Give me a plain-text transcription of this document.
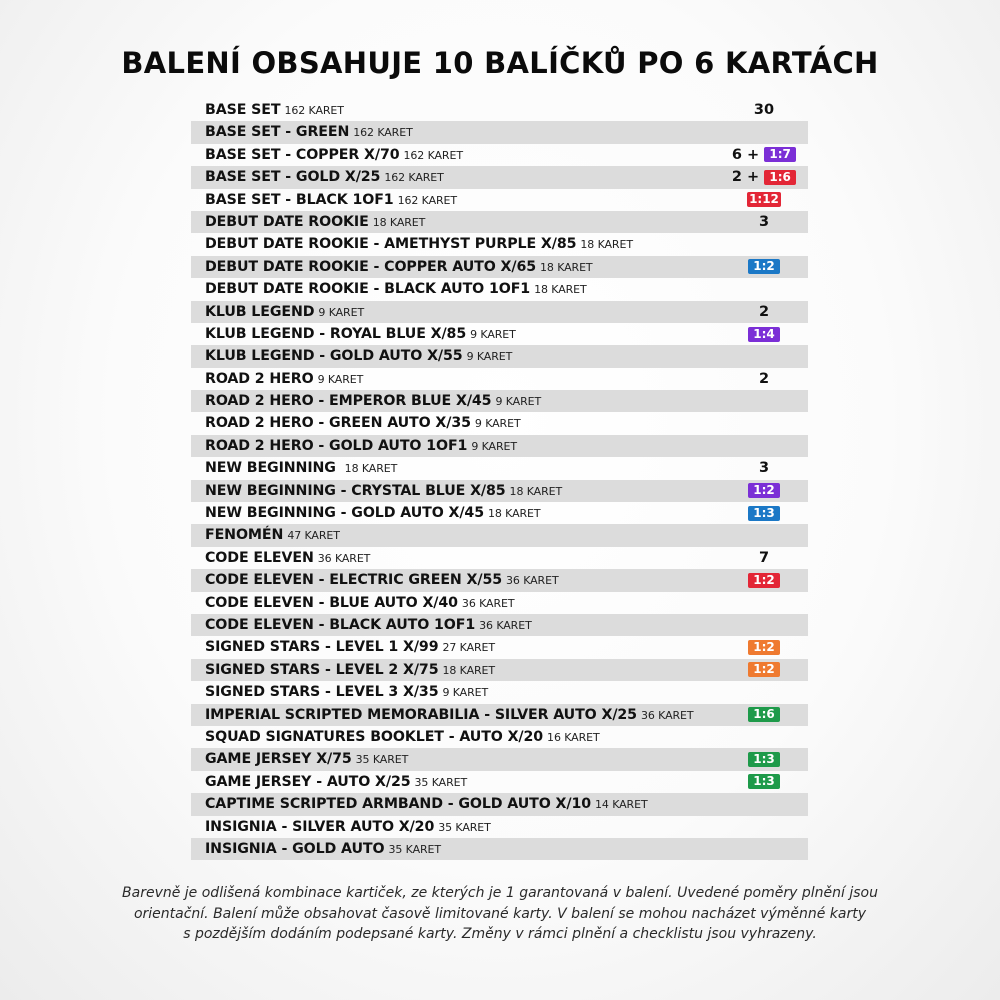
BALENÍ OBSAHUJE 10 BALÍČKŮ PO 6 KARTÁCH
BASE SET 162 KARET	30
BASE SET - GREEN 162 KARET
BASE SET - COPPER X/70 162 KARET	6 + 1:7
BASE SET - GOLD X/25 162 KARET	2 + 1:6
BASE SET - BLACK 1OF1 162 KARET	1:12
DEBUT DATE ROOKIE 18 KARET	3
DEBUT DATE ROOKIE - AMETHYST PURPLE X/85 18 KARET
DEBUT DATE ROOKIE - COPPER AUTO X/65 18 KARET	1:2
DEBUT DATE ROOKIE - BLACK AUTO 1OF1 18 KARET
KLUB LEGEND 9 KARET	2
KLUB LEGEND - ROYAL BLUE X/85 9 KARET	1:4
KLUB LEGEND - GOLD AUTO X/55 9 KARET
ROAD 2 HERO 9 KARET	2
ROAD 2 HERO - EMPEROR BLUE X/45 9 KARET
ROAD 2 HERO - GREEN AUTO X/35 9 KARET
ROAD 2 HERO - GOLD AUTO 1OF1 9 KARET
NEW BEGINNING 18 KARET	3
NEW BEGINNING - CRYSTAL BLUE X/85 18 KARET	1:2
NEW BEGINNING - GOLD AUTO X/45 18 KARET	1:3
FENOMÉN 47 KARET
CODE ELEVEN 36 KARET	7
CODE ELEVEN - ELECTRIC GREEN X/55 36 KARET	1:2
CODE ELEVEN - BLUE AUTO X/40 36 KARET
CODE ELEVEN - BLACK AUTO 1OF1 36 KARET
SIGNED STARS - LEVEL 1 X/99 27 KARET	1:2
SIGNED STARS - LEVEL 2 X/75 18 KARET	1:2
SIGNED STARS - LEVEL 3 X/35 9 KARET
IMPERIAL SCRIPTED MEMORABILIA - SILVER AUTO X/25 36 KARET	1:6
SQUAD SIGNATURES BOOKLET - AUTO X/20 16 KARET
GAME JERSEY X/75 35 KARET	1:3
GAME JERSEY - AUTO X/25 35 KARET	1:3
CAPTIME SCRIPTED ARMBAND - GOLD AUTO X/10 14 KARET
INSIGNIA - SILVER AUTO X/20 35 KARET
INSIGNIA - GOLD AUTO 35 KARET
Barevně je odlišená kombinace kartiček, ze kterých je 1 garantovaná v balení. Uvedené poměry plnění jsou
orientační. Balení může obsahovat časově limitované karty. V balení se mohou nacházet výměnné karty
s pozdějším dodáním podepsané karty. Změny v rámci plnění a checklistu jsou vyhrazeny.
